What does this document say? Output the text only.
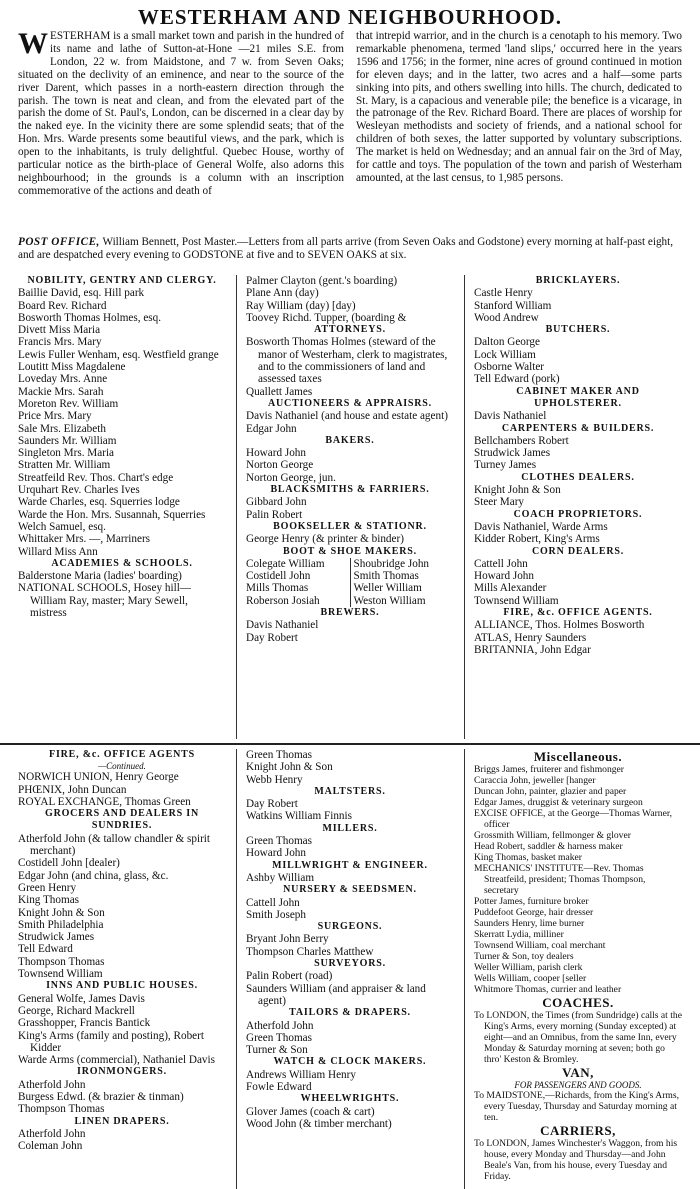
WESTERHAM AND NEIGHBOURHOOD.
W ESTERHAM is a small market town and parish in the hundred of its name and lathe of Sutton-at-Hone —21 miles S.E. from London, 22 w. from Maidstone, and 7 w. from Seven Oaks; situated on the declivity of an eminence, and near to the source of the river Darent, which passes in a north-eastern direction through the parish. The town is neat and clean, and from the elevated part of the parish the dome of St. Paul's, London, can be discerned in a clear day by the naked eye. In the vicinity there are some splendid seats; that of the Hon. Mrs. Warde presents some beautiful views, and the park, which is open to the inhabitants, is truly delightful. Quebec House, worthy of particular notice as the birth-place of General Wolfe, also adorns this neighbourhood; in the grounds is a column with an inscription commemorative of the actions and death of

that intrepid warrior, and in the church is a cenotaph to his memory. Two remarkable phenomena, termed 'land slips,' occurred here in the years 1596 and 1756; in the former, nine acres of ground continued in motion for eleven days; and in the latter, two acres and a half—some parts sinking into pits, and others swelling into hills. The church, dedicated to St. Mary, is a capacious and venerable pile; the benefice is a vicarage, in the patronage of the Rev. Richard Board. There are places of worship for Wesleyan methodists and society of friends, and a national school for children of both sexes, the latter supported by voluntary subscriptions. The market is held on Wednesday; and an annual fair on the 3rd of May, for cattle and toys. The population of the town and parish of Westerham amounted, at the last census, to 1,985 persons.

POST OFFICE, William Bennett, Post Master.—Letters from all parts arrive (from Seven Oaks and Godstone) every morning at half-past eight, and are despatched every evening to GODSTONE at five and to SEVEN OAKS at six.
NOBILITY, GENTRY AND CLERGY.
Baillie David, esq. Hill park
Board Rev. Richard
Bosworth Thomas Holmes, esq.
Divett Miss Maria
Francis Mrs. Mary
Lewis Fuller Wenham, esq. Westfield grange
Loutitt Miss Magdalene
Loveday Mrs. Anne
Mackie Mrs. Sarah
Moreton Rev. William
Price Mrs. Mary
Sale Mrs. Elizabeth
Saunders Mr. William
Singleton Mrs. Maria
Stratten Mr. William
Streatfeild Rev. Thos. Chart's edge
Urquhart Rev. Charles Ives
Warde Charles, esq. Squerries lodge
Warde the Hon. Mrs. Susannah, Squerries
Welch Samuel, esq.
Whittaker Mrs. —, Marriners
Willard Miss Ann
ACADEMIES & SCHOOLS.
Balderstone Maria (ladies' boarding)
NATIONAL SCHOOLS, Hosey hill—William Ray, master; Mary Sewell, mistress
Palmer Clayton (gent.'s boarding)
Plane Ann (day)
Ray William (day) [day)
Toovey Richd. Tupper, (boarding &
ATTORNEYS.
Bosworth Thomas Holmes (steward of the manor of Westerham, clerk to magistrates, and to the commissioners of land and assessed taxes
Quallett James
AUCTIONEERS & APPRAISRS.
Davis Nathaniel (and house and estate agent)
Edgar John
BAKERS.
Howard John
Norton George
Norton George, jun.
BLACKSMITHS & FARRIERS.
Gibbard John
Palin Robert
BOOKSELLER & STATIONR.
George Henry (& printer & binder)
BOOT & SHOE MAKERS.
Colegate William	Shoubridge John
Costidell John	Smith Thomas
Mills Thomas	Weller William
Roberson Josiah	Weston William
BREWERS.
Davis Nathaniel
Day Robert
BRICKLAYERS.
Castle Henry
Stanford William
Wood Andrew
BUTCHERS.
Dalton George
Lock William
Osborne Walter
Tell Edward (pork)
CABINET MAKER AND UPHOLSTERER.
Davis Nathaniel
CARPENTERS & BUILDERS.
Bellchambers Robert
Strudwick James
Turney James
CLOTHES DEALERS.
Knight John & Son
Steer Mary
COACH PROPRIETORS.
Davis Nathaniel, Warde Arms
Kidder Robert, King's Arms
CORN DEALERS.
Cattell John
Howard John
Mills Alexander
Townsend William
FIRE, &c. OFFICE AGENTS.
ALLIANCE, Thos. Holmes Bosworth
ATLAS, Henry Saunders
BRITANNIA, John Edgar
FIRE, &c. OFFICE AGENTS
—Continued.
NORWICH UNION, Henry George
PHŒNIX, John Duncan
ROYAL EXCHANGE, Thomas Green
GROCERS AND DEALERS IN SUNDRIES.
Atherfold John (& tallow chandler & spirit merchant)
Costidell John [dealer)
Edgar John (and china, glass, &c.
Green Henry
King Thomas
Knight John & Son
Smith Philadelphia
Strudwick James
Tell Edward
Thompson Thomas
Townsend William
INNS AND PUBLIC HOUSES.
General Wolfe, James Davis
George, Richard Mackrell
Grasshopper, Francis Bantick
King's Arms (family and posting), Robert Kidder
Warde Arms (commercial), Nathaniel Davis
IRONMONGERS.
Atherfold John
Burgess Edwd. (& brazier & tinman)
Thompson Thomas
LINEN DRAPERS.
Atherfold John
Coleman John
Green Thomas
Knight John & Son
Webb Henry
MALTSTERS.
Day Robert
Watkins William Finnis
MILLERS.
Green Thomas
Howard John
MILLWRIGHT & ENGINEER.
Ashby William
NURSERY & SEEDSMEN.
Cattell John
Smith Joseph
SURGEONS.
Bryant John Berry
Thompson Charles Matthew
SURVEYORS.
Palin Robert (road)
Saunders William (and appraiser & land agent)
TAILORS & DRAPERS.
Atherfold John
Green Thomas
Turner & Son
WATCH & CLOCK MAKERS.
Andrews William Henry
Fowle Edward
WHEELWRIGHTS.
Glover James (coach & cart)
Wood John (& timber merchant)
Miscellaneous.
Briggs James, fruiterer and fishmonger
Caraccia John, jeweller [hanger
Duncan John, painter, glazier and paper
Edgar James, druggist & veterinary surgeon
EXCISE OFFICE, at the George—Thomas Warner, officer
Grossmith William, fellmonger & glover
Head Robert, saddler & harness maker
King Thomas, basket maker
MECHANICS' INSTITUTE—Rev. Thomas Streatfeild, president; Thomas Thompson, secretary
Potter James, furniture broker
Puddefoot George, hair dresser
Saunders Henry, lime burner
Skerratt Lydia, milliner
Townsend William, coal merchant
Turner & Son, toy dealers
Weller William, parish clerk
Wells William, cooper [seller
Whitmore Thomas, currier and leather
COACHES.
To LONDON, the Times (from Sundridge) calls at the King's Arms, every morning (Sunday excepted) at eight—and an Omnibus, from the same Inn, every Monday & Saturday morning at seven; both go thro' Keston & Bromley.
VAN,
FOR PASSENGERS AND GOODS.
To MAIDSTONE,—Richards, from the King's Arms, every Tuesday, Thursday and Saturday morning at ten.
CARRIERS,
To LONDON, James Winchester's Waggon, from his house, every Monday and Thursday—and John Beale's Van, from his house, every Tuesday and Friday.
